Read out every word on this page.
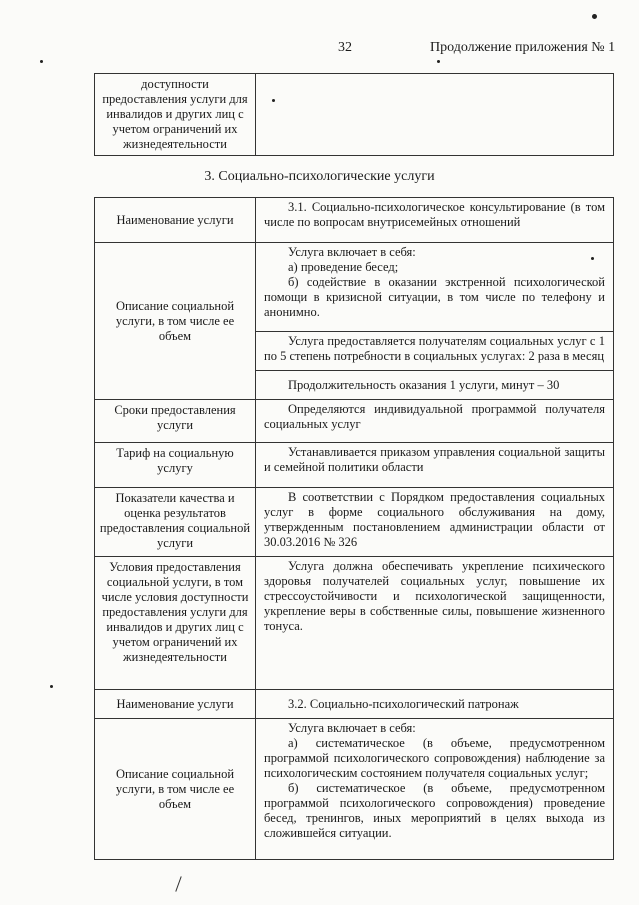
32	Продолжение приложения № 1
доступности предоставления услуги для инвалидов и других лиц с учетом ограничений их жизнедеятельности	
3. Социально-психологические услуги
Наименование услуги	3.1. Социально-психологическое консультирование (в том числе по вопросам внутрисемейных отношений
Описание социальной услуги, в том числе ее объем	Услуга включает в себя:

а) проведение бесед;

б) содействие в оказании экстренной психологической помощи в кризисной ситуации, в том числе по телефону и анонимно.

	Услуга предоставляется получателям социальных услуг с 1 по 5 степень потребности в социальных услугах: 2 раза в месяц
	Продолжительность оказания 1 услуги, минут – 30
Сроки предоставления услуги	Определяются индивидуальной программой получателя социальных услуг
Тариф на социальную услугу	Устанавливается приказом управления социальной защиты и семейной политики области
Показатели качества и оценка результатов предоставления социальной услуги	В соответствии с Порядком предоставления социальных услуг в форме социального обслуживания на дому, утвержденным постановлением администрации области от 30.03.2016 № 326
Условия предоставления социальной услуги, в том числе условия доступности предоставления услуги для инвалидов и других лиц с учетом ограничений их жизнедеятельности	Услуга должна обеспечивать укрепление психического здоровья получателей социальных услуг, повышение их стрессоустойчивости и психологической защищенности, укрепление веры в собственные силы, повышение жизненного тонуса.
Наименование услуги	3.2. Социально-психологический патронаж
Описание социальной услуги, в том числе ее объем	Услуга включает в себя:

а) систематическое (в объеме, предусмотренном программой психологического сопровождения) наблюдение за психологическим состоянием получателя социальных услуг;

б) систематическое (в объеме, предусмотренном программой психологического сопровождения) проведение бесед, тренингов, иных мероприятий в целях выхода из сложившейся ситуации.
